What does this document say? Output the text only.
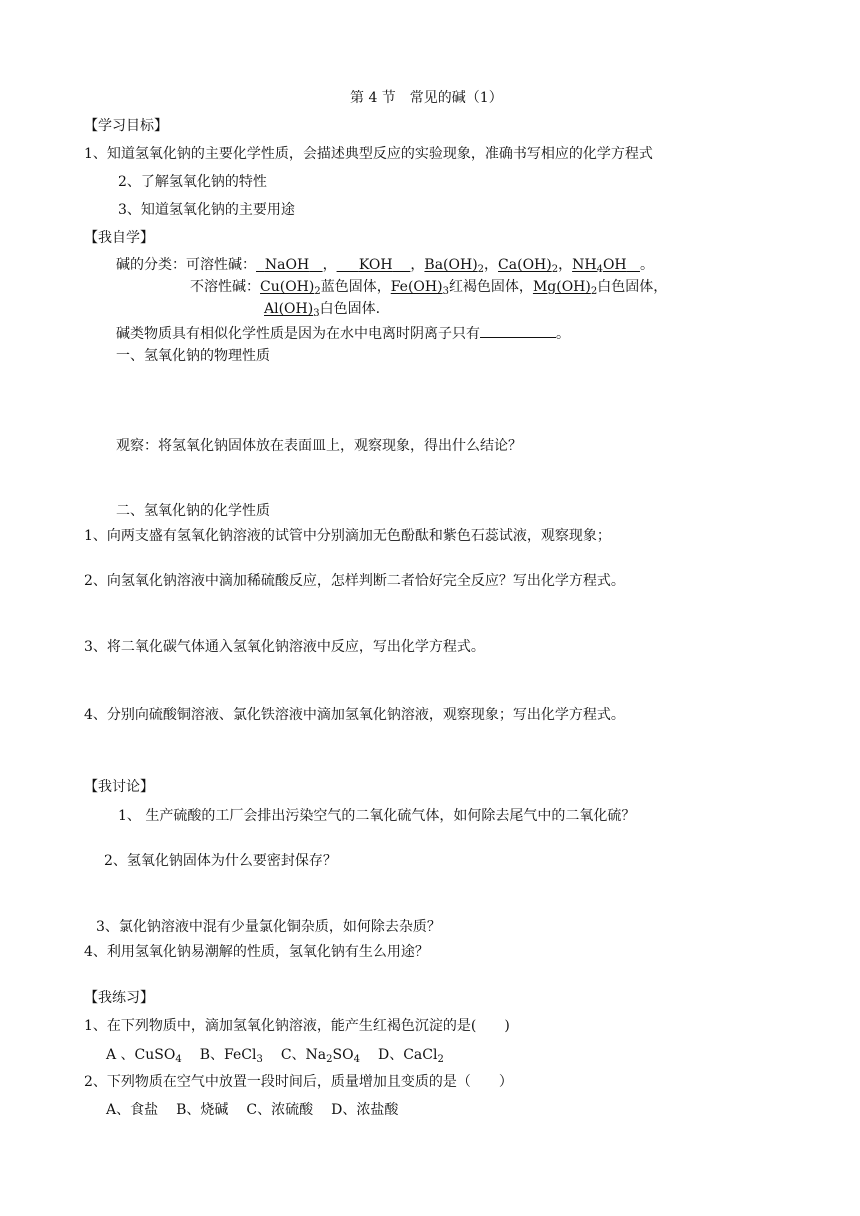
第 4 节　常见的碱（1）
【学习目标】
1、知道氢氧化钠的主要化学性质，会描述典型反应的实验现象，准确书写相应的化学方程式
2、了解氢氧化钠的特性
3、知道氢氧化钠的主要用途
【我自学】
碱的分类：可溶性碱： NaOH ， KOH ，$Ba(OH)_2$，$Ca(OH)_2$，$NH_4OH$ 。
不溶性碱：$Cu(OH)_2$蓝色固体，$Fe(OH)_3$红褐色固体，$Mg(OH)_2$白色固体，
$Al(OH)_3$白色固体.
碱类物质具有相似化学性质是因为在水中电离时阴离子只有	。
一、氢氧化钠的物理性质
观察：将氢氧化钠固体放在表面皿上，观察现象，得出什么结论？
二、氢氧化钠的化学性质
1、向两支盛有氢氧化钠溶液的试管中分别滴加无色酚酞和紫色石蕊试液，观察现象；
2、向氢氧化钠溶液中滴加稀硫酸反应，怎样判断二者恰好完全反应？写出化学方程式。
3、将二氧化碳气体通入氢氧化钠溶液中反应，写出化学方程式。
4、分别向硫酸铜溶液、氯化铁溶液中滴加氢氧化钠溶液，观察现象；写出化学方程式。
【我讨论】
1、 生产硫酸的工厂会排出污染空气的二氧化硫气体，如何除去尾气中的二氧化硫？
2、氢氧化钠固体为什么要密封保存？
3、氯化钠溶液中混有少量氯化铜杂质，如何除去杂质？
4、利用氢氧化钠易潮解的性质，氢氧化钠有生么用途？
【我练习】
1、在下列物质中，滴加氢氧化钠溶液，能产生红褐色沉淀的是( )
A 、CuSO$_4$ B、FeCl$_3$ C、$Na_2SO_4$ D、CaCl$_2$
2、下列物质在空气中放置一段时间后，质量增加且变质的是（ ）
A、食盐 B、烧碱 C、浓硫酸 D、浓盐酸
